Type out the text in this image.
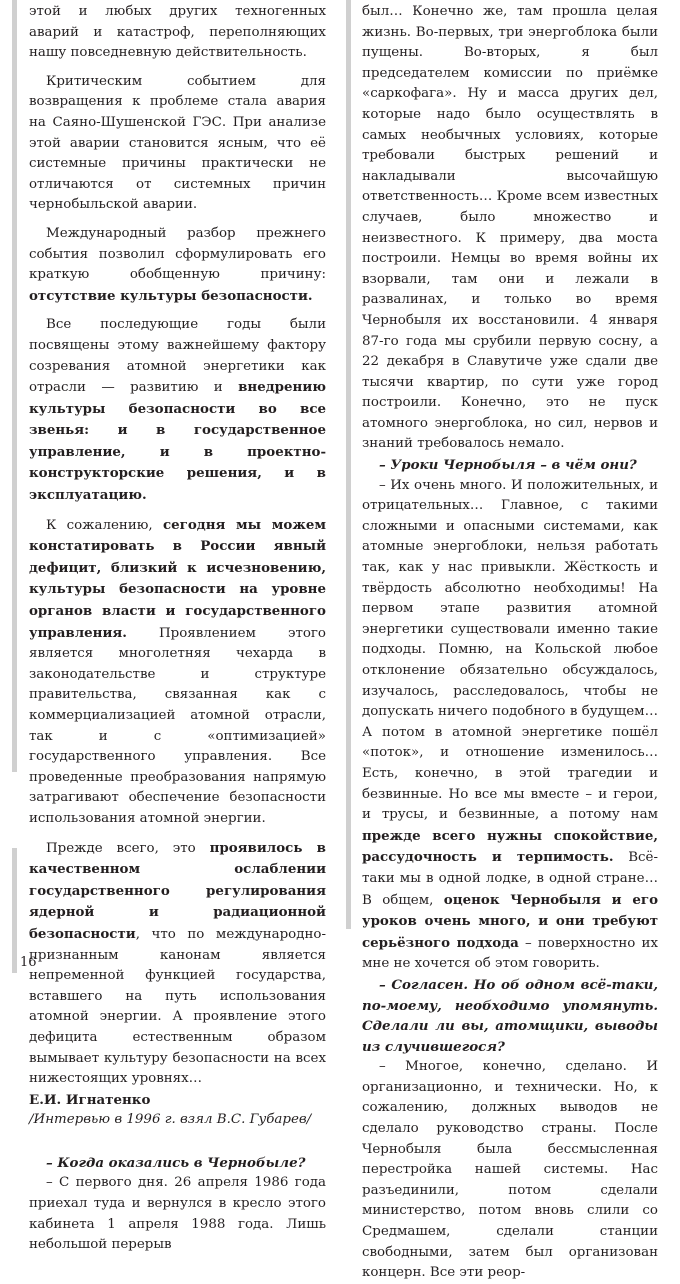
этой и любых других техногенных аварий и катастроф, переполняющих нашу повседневную действительность.

Критическим событием для возвращения к проблеме стала авария на Саяно-Шушенской ГЭС. При анализе этой аварии становится ясным, что её системные причины практически не отличаются от системных причин чернобыльской аварии.

Международный разбор прежнего события позволил сформулировать его краткую обобщенную причину: отсутствие культуры безопасности.

Все последующие годы были посвящены этому важнейшему фактору созревания атомной энергетики как отрасли — развитию и внедрению культуры безопасности во все звенья: и в государственное управление, и в проектно-конструкторские решения, и в эксплуатацию.

К сожалению, сегодня мы можем констатировать в России явный дефицит, близкий к исчезновению, культуры безопасности на уровне органов власти и государственного управления. Проявлением этого является многолетняя чехарда в законодательстве и структуре правительства, связанная как с коммерциализацией атомной отрасли, так и с «оптимизацией» государственного управления. Все проведенные преобразования напрямую затрагивают обеспечение безопасности использования атомной энергии.

Прежде всего, это проявилось в качественном ослаблении государственного регулирования ядерной и радиационной безопасности, что по международно-признанным канонам является непременной функцией государства, вставшего на путь использования атомной энергии. А проявление этого дефицита естественным образом вымывает культуру безопасности на всех нижестоящих уровнях…

Е.И. Игнатенко

/Интервью в 1996 г. взял В.С. Губарев/

– Когда оказались в Чернобыле?

– С первого дня. 26 апреля 1986 года приехал туда и вернулся в кресло этого кабинета 1 апреля 1988 года. Лишь небольшой перерыв

был… Конечно же, там прошла целая жизнь. Во-первых, три энергоблока были пущены. Во-вторых, я был председателем комиссии по приёмке «саркофага». Ну и масса других дел, которые надо было осуществлять в самых необычных условиях, которые требовали быстрых решений и накладывали высочайшую ответственность… Кроме всем известных случаев, было множество и неизвестного. К примеру, два моста построили. Немцы во время войны их взорвали, там они и лежали в развалинах, и только во время Чернобыля их восстановили. 4 января 87-го года мы срубили первую сосну, а 22 декабря в Славутиче уже сдали две тысячи квартир, по сути уже город построили. Конечно, это не пуск атомного энергоблока, но сил, нервов и знаний требовалось немало.

– Уроки Чернобыля – в чём они?

– Их очень много. И положительных, и отрицательных… Главное, с такими сложными и опасными системами, как атомные энергоблоки, нельзя работать так, как у нас привыкли. Жёсткость и твёрдость абсолютно необходимы! На первом этапе развития атомной энергетики существовали именно такие подходы. Помню, на Кольской любое отклонение обязательно обсуждалось, изучалось, расследовалось, чтобы не допускать ничего подобного в будущем… А потом в атомной энергетике пошёл «поток», и отношение изменилось… Есть, конечно, в этой трагедии и безвинные. Но все мы вместе – и герои, и трусы, и безвинные, а потому нам прежде всего нужны спокойствие, рассудочность и терпимость. Всё-таки мы в одной лодке, в одной стране… В общем, оценок Чернобыля и его уроков очень много, и они требуют серьёзного подхода – поверхностно их мне не хочется об этом говорить.

– Согласен. Но об одном всё-таки, по-моему, необходимо упомянуть. Сделали ли вы, атомщики, выводы из случившегося?

– Многое, конечно, сделано. И организационно, и технически. Но, к сожалению, должных выводов не сделало руководство страны. После Чернобыля была бессмысленная перестройка нашей системы. Нас разъединили, потом сделали министерство, потом вновь слили со Средмашем, сделали станции свободными, затем был организован концерн. Все эти реор-

16
